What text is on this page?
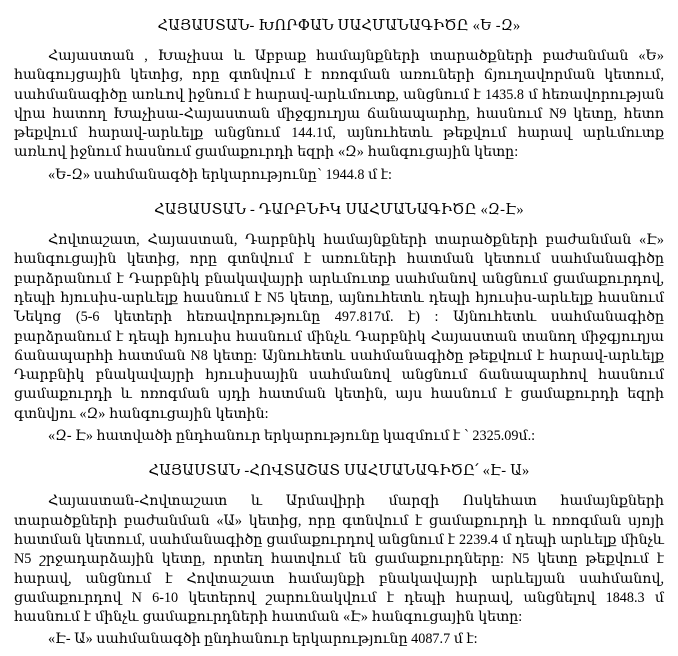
ՀԱՅԱՍՏԱՆ- ԽՈՐՓԱՆ ՍԱՀՄԱՆԱԳԻԾԸ «Ե -Զ»

Հայաստան , Խաչիսա և Աբբաք համայնքների տարածքների բաժանման «Ե» հանգույցային կետից, որը գտնվում է ոռոգման առուների ճյուղավորման կետում, սահմանագիծը առևով իջնում է հարավ-արևմուտք, անցնում է 1435.8 մ հեռավորության վրա հատող Խաչիսա-Հայաստան միջգյուղյա ճանապարհը, հասնում N9 կետը, հետո թեքվում հարավ-արևելք անցնում 144.1մ, այնուհետև թեքվում հարավ արևմուտք առևով իջնում հասնում ցամաքուրդի եզրի «Զ» հանգուցային կետը:

«Ե-Զ» սահմանագծի երկարությունը՝ 1944.8 մ է:
ՀԱՅԱՍՏԱՆ - ԴԱՐԲՆԻԿ ՍԱՀՄԱՆԱԳԻԾԸ «Զ-Է»

Հովտաշատ, Հայաստան, Դարբնիկ համայնքների տարածքների բաժանման «Է» հանգուցային կետից, որը գտնվում է առուների հատման կետում սահմանագիծը բարձրանում է Դարբնիկ բնակավայրի արևմուտք սահմանով անցնում ցամաքուրդով, դեպի հյուսիս-արևելք հասնում է N5 կետը, այնուհետև դեպի հյուսիս-արևելք հասնում Նեկոց (5-6 կետերի հեռավորությունը 497.817մ. է) : Այնուհետև սահմանագիծը բարձրանում է դեպի հյուսիս հասնում մինչև Դարբնիկ Հայաստան տանող միջգյուղյա ճանապարհի հատման N8 կետը: Այնուհետև սահմանագիծը թեքվում է հարավ-արևելք Դարբնիկ բնակավայրի հյուսիսային սահմանով անցնում ճանապարհով հասնում ցամաքուրդի և ոռոգման սյդի հատման կետին, այս հասնում է ցամաքուրդի եզրի գտնվյու «Զ» հանգուցային կետին:

«Զ- Է» հատվածի ընդհանուր երկարությունը կազմում է ՝ 2325.09մ.:
ՀԱՅԱՍՏԱՆ -ՀՈՎՏԱՇԱՏ ՍԱՀՄԱՆԱԳԻԾԸ՛ «Է- Ա»

Հայաստան-Հովտաշատ և Արմավիրի մարզի Ոսկեհատ համայնքների տարածքների բաժանման «Ա» կետից, որը գտնվում է ցամաքուրդի և ոռոգման սյոյի հատման կետում, սահմանագիծը ցամաքուրդով անցնում է 2239.4 մ դեպի արևելք մինչև N5 շրջադարձային կետը, որտեղ հատվում են ցամաքուրդները: N5 կետը թեքվում է հարավ, անցնում է Հովտաշատ համայնքի բնակավայրի արևելյան սահմանով, ցամաքուրդով N 6-10 կետերով շարունակվում է դեպի հարավ, անցնելով 1848.3 մ հասնում է մինչև ցամաքուրդների հատման «Է» հանգուցային կետը:

«Է- Ա» սահմանագծի ընդհանուր երկարությունը 4087.7 մ է:
